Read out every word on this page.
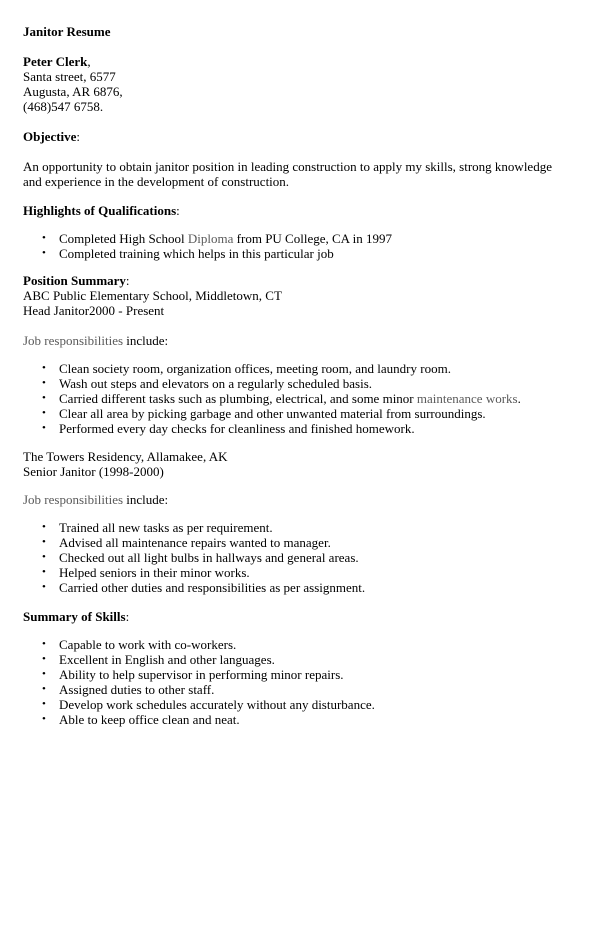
Janitor Resume
Peter Clerk,
Santa street, 6577
Augusta, AR 6876,
(468)547 6758.
Objective:
An opportunity to obtain janitor position in leading construction to apply my skills, strong knowledge and experience in the development of construction.
Highlights of Qualifications:
• Completed High School Diploma from PU College, CA in 1997
• Completed training which helps in this particular job
Position Summary:
ABC Public Elementary School, Middletown, CT
Head Janitor2000 - Present
Job responsibilities include:
• Clean society room, organization offices, meeting room, and laundry room.
• Wash out steps and elevators on a regularly scheduled basis.
• Carried different tasks such as plumbing, electrical, and some minor maintenance works.
• Clear all area by picking garbage and other unwanted material from surroundings.
• Performed every day checks for cleanliness and finished homework.
The Towers Residency, Allamakee, AK
Senior Janitor (1998-2000)
Job responsibilities include:
• Trained all new tasks as per requirement.
• Advised all maintenance repairs wanted to manager.
• Checked out all light bulbs in hallways and general areas.
• Helped seniors in their minor works.
• Carried other duties and responsibilities as per assignment.
Summary of Skills:
• Capable to work with co-workers.
• Excellent in English and other languages.
• Ability to help supervisor in performing minor repairs.
• Assigned duties to other staff.
• Develop work schedules accurately without any disturbance.
• Able to keep office clean and neat.
